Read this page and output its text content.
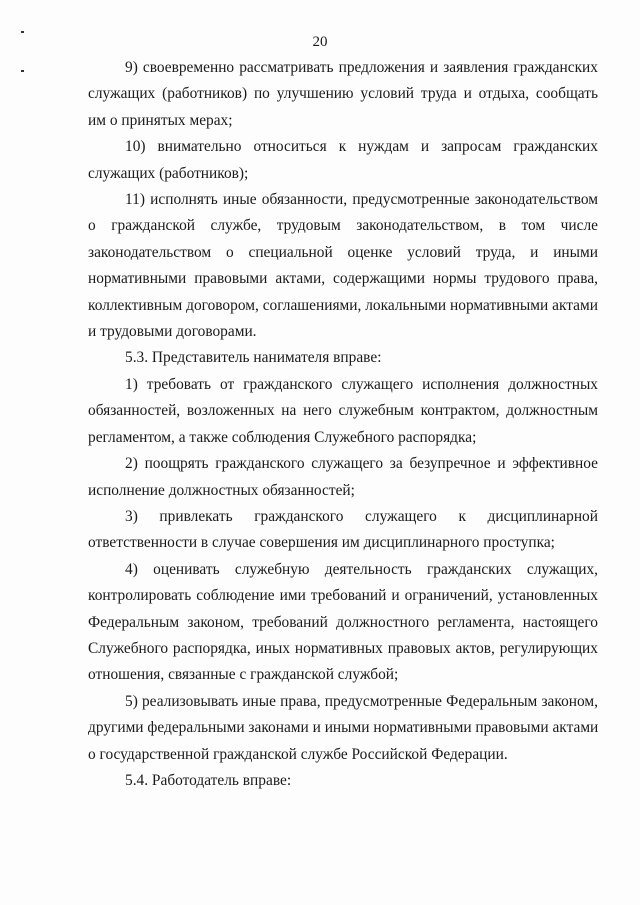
20

9) своевременно рассматривать предложения и заявления гражданских
служащих (работников) по улучшению условий труда и отдыха, сообщать
им о принятых мерах;

10) внимательно относиться к нуждам и запросам гражданских
служащих (работников);

11) исполнять иные обязанности, предусмотренные законодательством
о гражданской службе, трудовым законодательством, в том числе
законодательством о специальной оценке условий труда, и иными
нормативными правовыми актами, содержащими нормы трудового права,
коллективным договором, соглашениями, локальными нормативными актами
и трудовыми договорами.

5.3. Представитель нанимателя вправе:

1) требовать от гражданского служащего исполнения должностных
обязанностей, возложенных на него служебным контрактом, должностным
регламентом, а также соблюдения Служебного распорядка;

2) поощрять гражданского служащего за безупречное и эффективное
исполнение должностных обязанностей;

3) привлекать гражданского служащего к дисциплинарной
ответственности в случае совершения им дисциплинарного проступка;

4) оценивать служебную деятельность гражданских служащих,
контролировать соблюдение ими требований и ограничений, установленных
Федеральным законом, требований должностного регламента, настоящего
Служебного распорядка, иных нормативных правовых актов, регулирующих
отношения, связанные с гражданской службой;

5) реализовывать иные права, предусмотренные Федеральным законом,
другими федеральными законами и иными нормативными правовыми актами
о государственной гражданской службе Российской Федерации.

5.4. Работодатель вправе:
